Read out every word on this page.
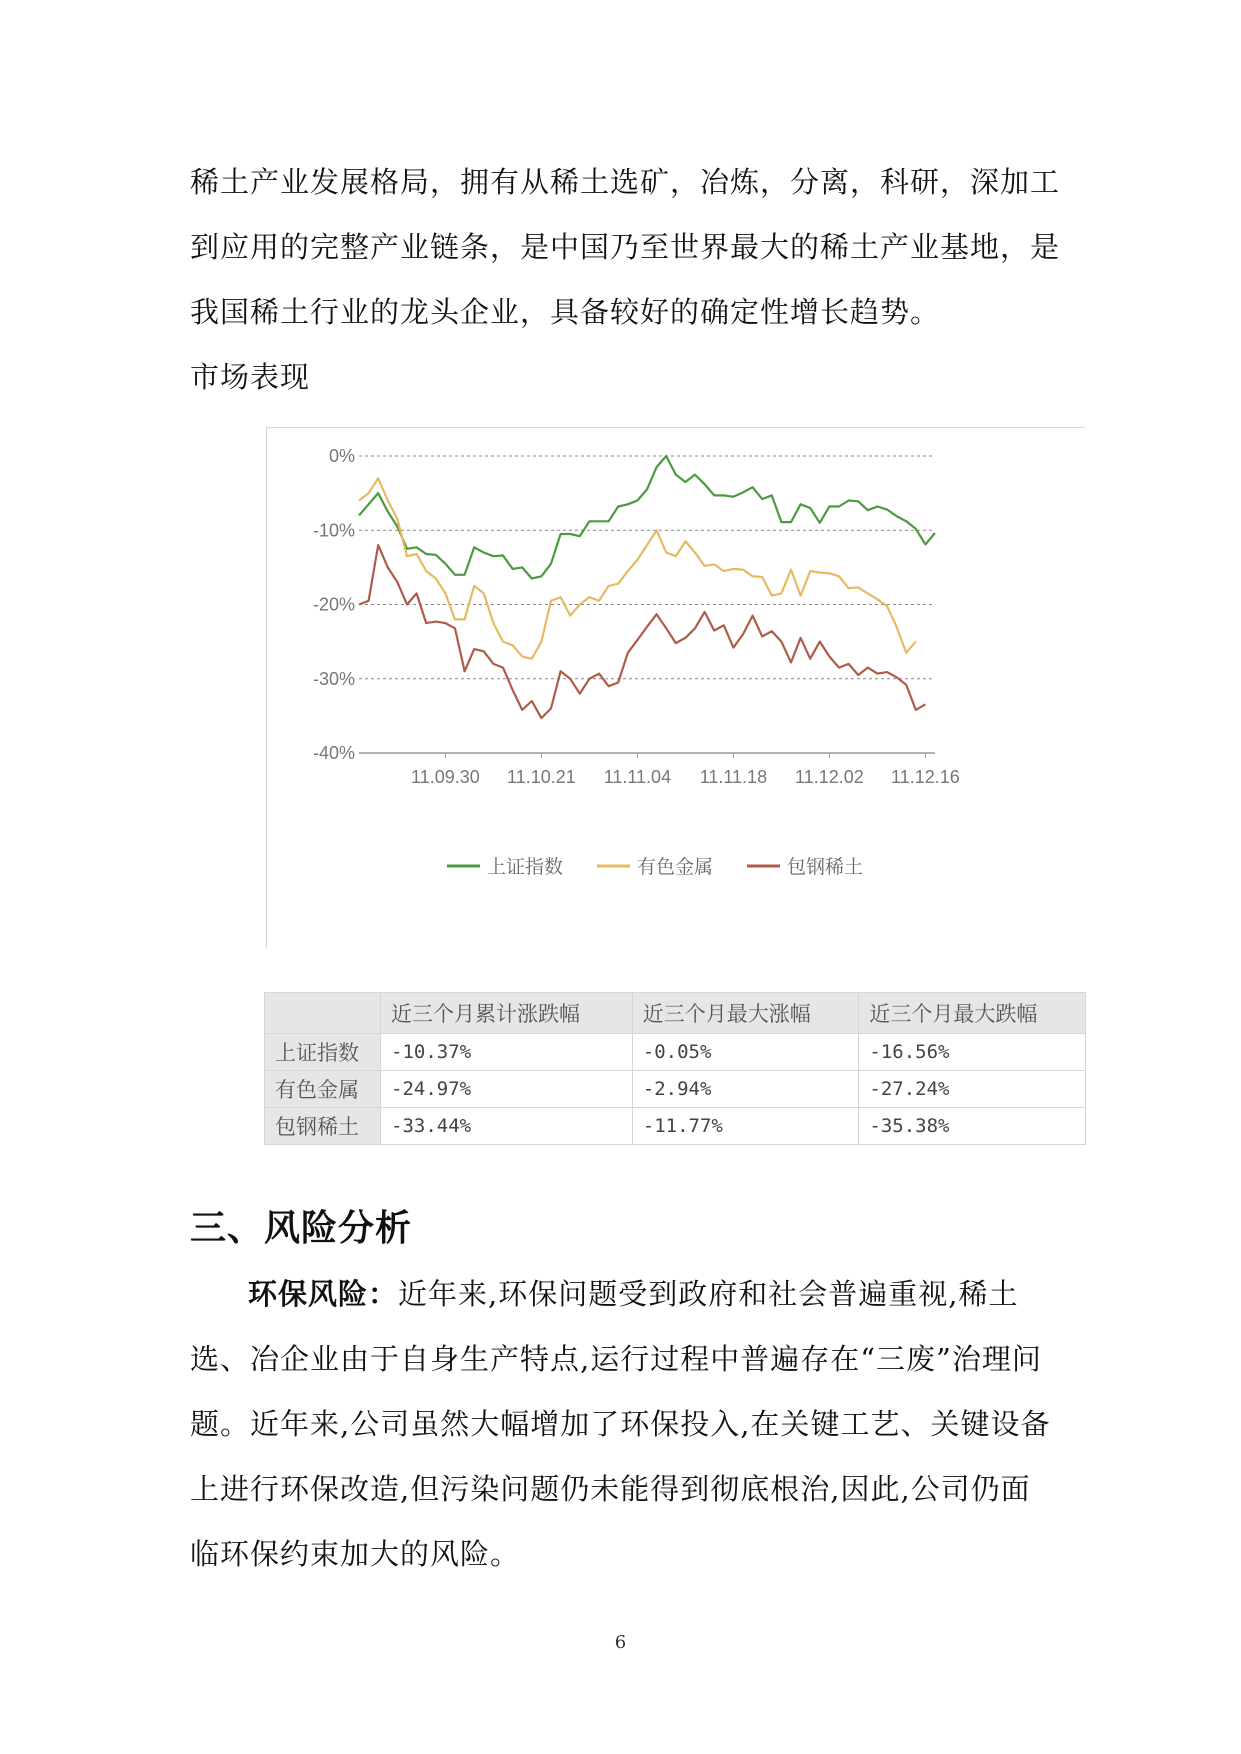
稀土产业发展格局，拥有从稀土选矿，冶炼，分离，科研，深加工到应用的完整产业链条，是中国乃至世界最大的稀土产业基地，是我国稀土行业的龙头企业，具备较好的确定性增长趋势。

市场表现

0%
-10%
-20%
-30%
-40%
11.09.30 11.10.21 11.11.04 11.11.18 11.12.02 11.12.16
上证指数	有色金属	包钢稀土
	近三个月累计涨跌幅	近三个月最大涨幅	近三个月最大跌幅
上证指数	-10.37%	-0.05%	-16.56%
有色金属	-24.97%	-2.94%	-27.24%
包钢稀土	-33.44%	-11.77%	-35.38%
三、风险分析

环保风险：近年来,环保问题受到政府和社会普遍重视,稀土选、冶企业由于自身生产特点,运行过程中普遍存在“三废”治理问题。近年来,公司虽然大幅增加了环保投入,在关键工艺、关键设备上进行环保改造,但污染问题仍未能得到彻底根治,因此,公司仍面临环保约束加大的风险。

6
